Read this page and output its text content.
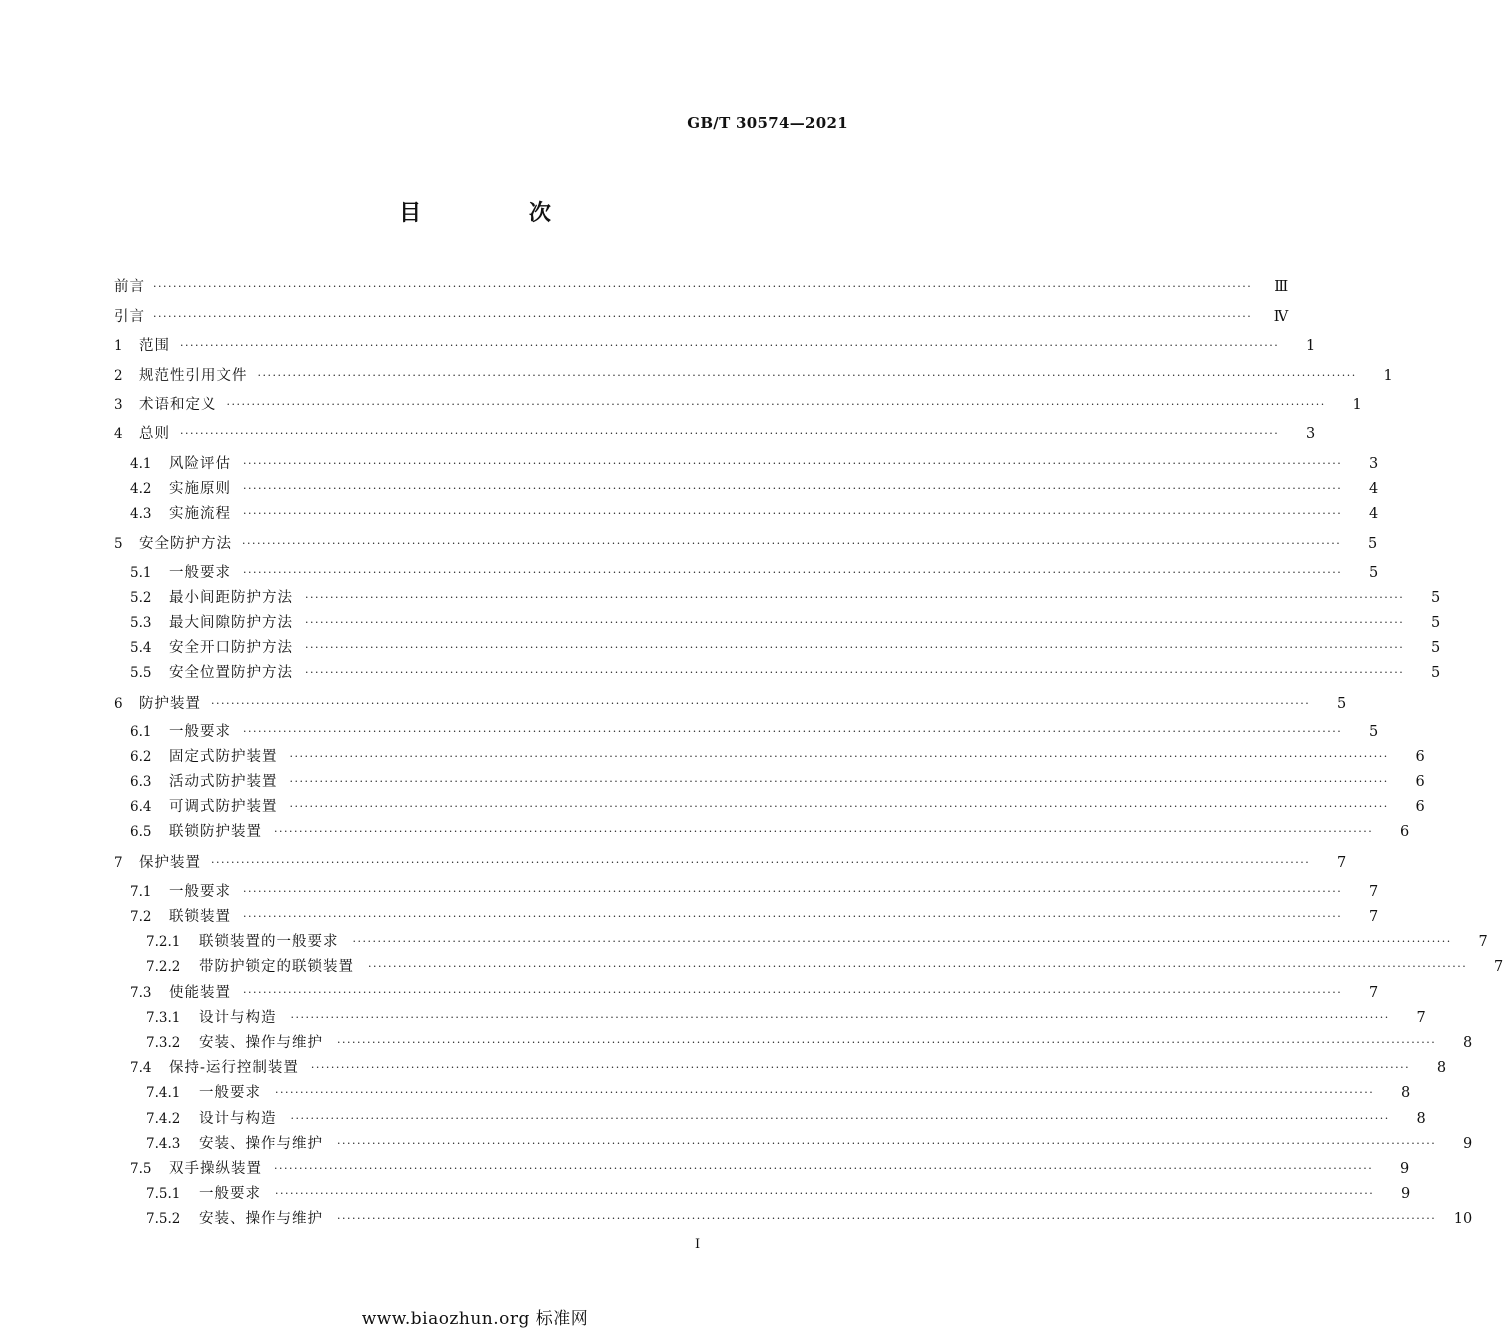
GB/T 30574—2021
目 次
前言 ····························································································································································································································	Ⅲ
引言 ····························································································································································································································	Ⅳ
1 范围 ····························································································································································································································	1
2 规范性引用文件 ····························································································································································································································	1
3 术语和定义 ····························································································································································································································	1
4 总则 ····························································································································································································································	3
4.1 风险评估 ····························································································································································································································	3
4.2 实施原则 ····························································································································································································································	4
4.3 实施流程 ····························································································································································································································	4
5 安全防护方法 ····························································································································································································································	5
5.1 一般要求 ····························································································································································································································	5
5.2 最小间距防护方法 ····························································································································································································································	5
5.3 最大间隙防护方法 ····························································································································································································································	5
5.4 安全开口防护方法 ····························································································································································································································	5
5.5 安全位置防护方法 ····························································································································································································································	5
6 防护装置 ····························································································································································································································	5
6.1 一般要求 ····························································································································································································································	5
6.2 固定式防护装置 ····························································································································································································································	6
6.3 活动式防护装置 ····························································································································································································································	6
6.4 可调式防护装置 ····························································································································································································································	6
6.5 联锁防护装置 ····························································································································································································································	6
7 保护装置 ····························································································································································································································	7
7.1 一般要求 ····························································································································································································································	7
7.2 联锁装置 ····························································································································································································································	7
7.2.1 联锁装置的一般要求 ····························································································································································································································	7
7.2.2 带防护锁定的联锁装置 ····························································································································································································································	7
7.3 使能装置 ····························································································································································································································	7
7.3.1 设计与构造 ····························································································································································································································	7
7.3.2 安装、操作与维护 ····························································································································································································································	8
7.4 保持-运行控制装置 ····························································································································································································································	8
7.4.1 一般要求 ····························································································································································································································	8
7.4.2 设计与构造 ····························································································································································································································	8
7.4.3 安装、操作与维护 ····························································································································································································································	9
7.5 双手操纵装置 ····························································································································································································································	9
7.5.1 一般要求 ····························································································································································································································	9
7.5.2 安装、操作与维护 ····························································································································································································································	10
I
www.biaozhun.org 标准网
